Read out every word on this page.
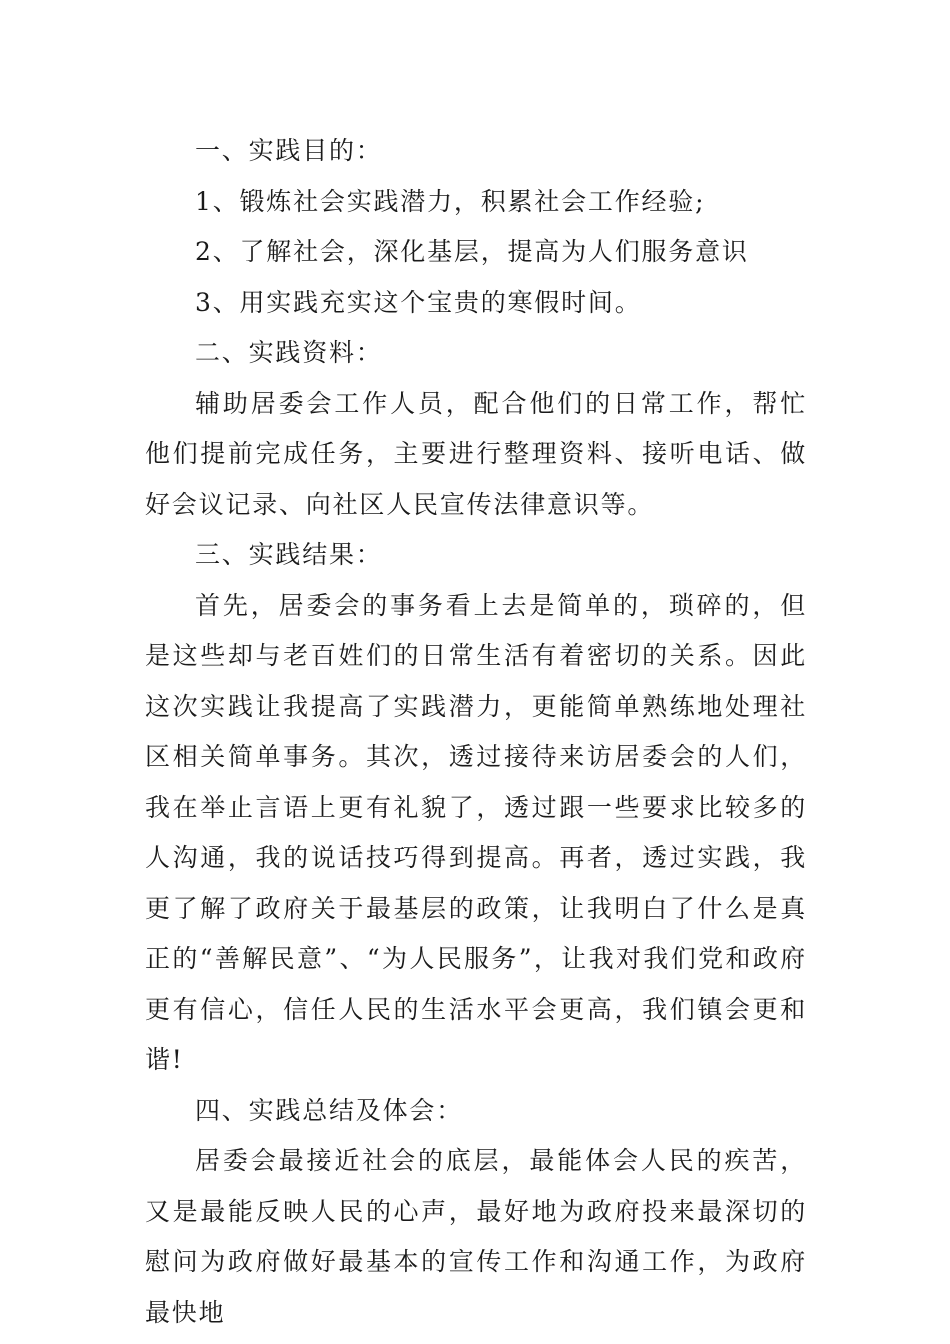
一、实践目的：

1、锻炼社会实践潜力，积累社会工作经验;

2、了解社会，深化基层，提高为人们服务意识

3、用实践充实这个宝贵的寒假时间。

二、实践资料：

辅助居委会工作人员，配合他们的日常工作，帮忙他们提前完成任务，主要进行整理资料、接听电话、做好会议记录、向社区人民宣传法律意识等。

三、实践结果：

首先，居委会的事务看上去是简单的，琐碎的，但是这些却与老百姓们的日常生活有着密切的关系。因此这次实践让我提高了实践潜力，更能简单熟练地处理社区相关简单事务。其次，透过接待来访居委会的人们，我在举止言语上更有礼貌了，透过跟一些要求比较多的人沟通，我的说话技巧得到提高。再者，透过实践，我更了解了政府关于最基层的政策，让我明白了什么是真正的“善解民意”、“为人民服务”，让我对我们党和政府更有信心，信任人民的生活水平会更高，我们镇会更和谐!

四、实践总结及体会：

居委会最接近社会的底层，最能体会人民的疾苦，又是最能反映人民的心声，最好地为政府投来最深切的慰问为政府做好最基本的宣传工作和沟通工作，为政府最快地
